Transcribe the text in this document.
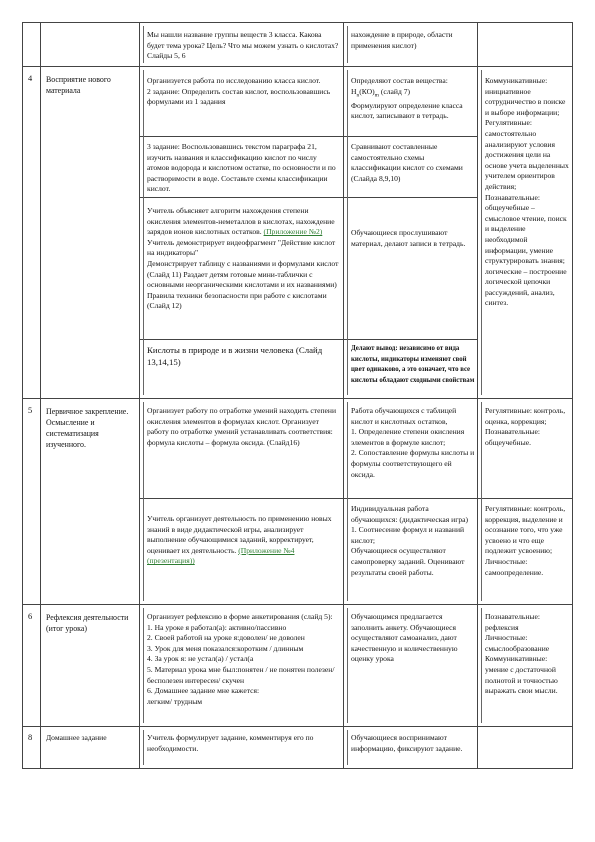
Мы нашли название группы веществ 3 класса. Какова будет тема урока? Цель? Что мы можем узнать о кислотах? Слайды 5, 6
нахождение в природе, области применения кислот)
4 Восприятие нового материала
Организуется работа по исследованию класса кислот.
2 задание: Определить состав кислот, воспользовавшись формулами из 1 задания
Определяют состав вещества:
$Н_n(КО)_m$ (слайд 7)
Формулируют определение класса кислот, записывают в тетрадь.
3 задание: Воспользовавшись текстом параграфа 21, изучить названия и классификацию кислот по числу атомов водорода и кислотном остатке, по основности и по растворимости в воде. Составьте схемы классификации кислот.
Сравнивают составленные самостоятельно схемы классификации кислот со схемами (Слайда 8,9,10)
Учитель объясняет алгоритм нахождения степени окисления элементов-неметаллов в кислотах, нахождение зарядов ионов кислотных остатков. (Приложение №2)
Учитель демонстрирует видеофрагмент "Действие кислот на индикаторы"
Демонстрирует таблицу с названиями и формулами кислот (Слайд 11) Раздает детям готовые мини-таблички с основными неорганическими кислотами и их названиями) Правила техники безопасности при работе с кислотами (Слайд 12)
Обучающиеся прослушивают материал, делают записи в тетрадь.
Кислоты в природе и в жизни человека (Слайд 13,14,15)
Делают вывод: независимо от вида кислоты, индикаторы изменяют свой цвет одинаково, а это означает, что все кислоты обладают сходными свойствам
Коммуникативные: инициативное сотрудничество в поиске и выборе информации;
Регулятивные: самостоятельно анализируют условия достижения цели на основе учета выделенных учителем ориентиров действия;
Познавательные: общеучебные – смысловое чтение, поиск и выделение необходимой информации, умение структурировать знания;
логические – построение логической цепочки рассуждений, анализ, синтез.
5 Первичное закрепление. Осмысление и систематизация изученного.
Организует работу по отработке умений находить степени окисления элементов в формулах кислот. Организует работу по отработке умений устанавливать соответствия: формула кислоты – формула оксида. (Слайд16)
Работа обучающихся с таблицей кислот и кислотных остатков,
1. Определение степени окисления элементов в формуле кислот;
2. Сопоставление формулы кислоты и формулы соответствующего ей оксида.
Регулятивные: контроль, оценка, коррекция;
Познавательные: общеучебные.
Учитель организует деятельность по применению новых знаний в виде дидактической игры, анализирует выполнение обучающимися заданий, корректирует, оценивает их деятельность. (Приложение №4 (презентация))
Индивидуальная работа обучающихся: (дидактическая игра)
1. Соотнесение формул и названий кислот;
Обучающиеся осуществляют самопроверку заданий. Оценивают результаты своей работы.
Регулятивные: контроль, коррекция, выделение и осознание того, что уже усвоено и что еще подлежит усвоению;
Личностные: самоопределение.
6 Рефлексия деятельности (итог урока)
Организует рефлексию в форме анкетирования (слайд 5):
1. На уроке я работал(а): активно/пассивно
2. Своей работой на уроке я:доволен/ не доволен
3. Урок для меня показался:коротким / длинным
4. За урок я: не устал(а) / устал(а
5. Материал урока мне был:понятен / не понятен полезен/ бесполезен интересен/ скучен
6. Домашнее задание мне кажется:
легким/ трудным
Обучающимся предлагается заполнить анкету. Обучающиеся осуществляют самоанализ, дают качественную и количественную оценку урока
Познавательные: рефлексия
Личностные: смыслообразование
Коммуникативные: умение с достаточной полнотой и точностью выражать свои мысли.
8 Домашнее задание	Учитель формулирует задание, комментируя его по необходимости.
Обучающиеся воспринимают информацию, фиксируют задание.
